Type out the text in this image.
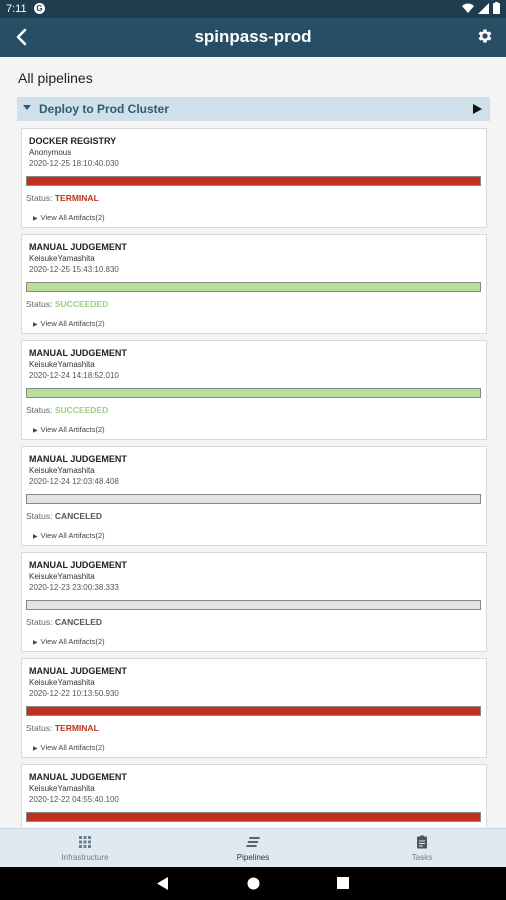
7:11 G
spinpass-prod
All pipelines
Deploy to Prod Cluster
DOCKER REGISTRY
Anonymous
2020-12-25 18:10:40.030
Status: TERMINAL
▶ View All Artifacts(2)
MANUAL JUDGEMENT
KeisukeYamashita
2020-12-25 15:43:10.830
Status: SUCCEEDED
▶ View All Artifacts(2)
MANUAL JUDGEMENT
KeisukeYamashita
2020-12-24 14:18:52.010
Status: SUCCEEDED
▶ View All Artifacts(2)
MANUAL JUDGEMENT
KeisukeYamashita
2020-12-24 12:03:48.408
Status: CANCELED
▶ View All Artifacts(2)
MANUAL JUDGEMENT
KeisukeYamashita
2020-12-23 23:00:38.333
Status: CANCELED
▶ View All Artifacts(2)
MANUAL JUDGEMENT
KeisukeYamashita
2020-12-22 10:13:50.930
Status: TERMINAL
▶ View All Artifacts(2)
MANUAL JUDGEMENT
KeisukeYamashita
2020-12-22 04:55:40.100
Infrastructure	Pipelines	Tasks
